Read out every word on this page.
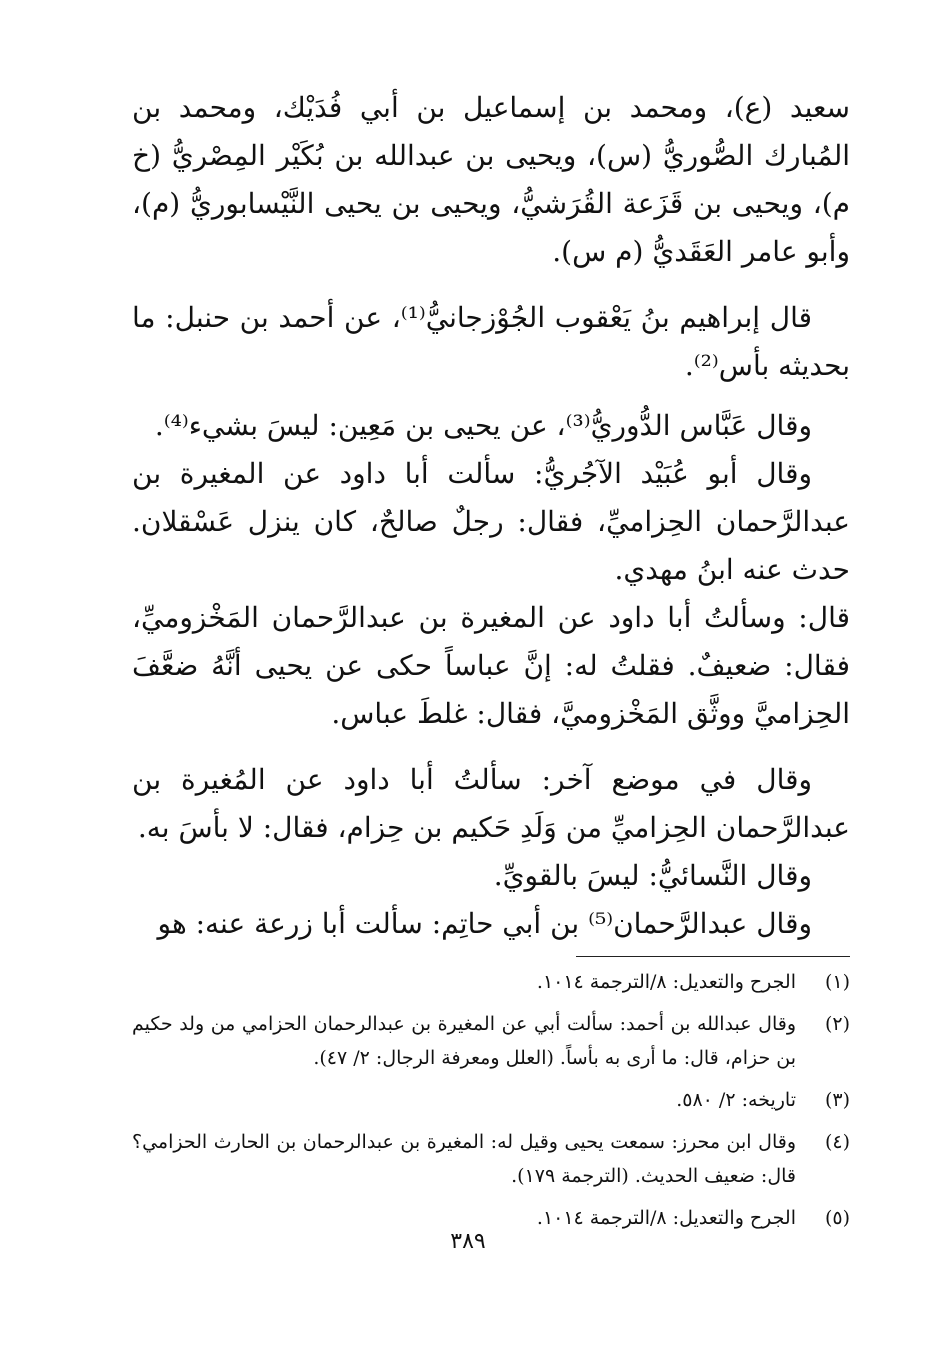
سعيد (ع)، ومحمد بن إسماعيل بن أبي فُدَيْك، ومحمد بن المُبارك الصُّوريُّ (س)، ويحيى بن عبدالله بن بُكَيْر المِصْريُّ (خ م)، ويحيى بن قَزَعة القُرَشيُّ، ويحيى بن يحيى النَّيْسابوريُّ (م)، وأبو عامر العَقَديُّ (م س).

قال إبراهيم بنُ يَعْقوب الجُوْزجانيُّ⁽¹⁾، عن أحمد بن حنبل: ما بحديثه بأس⁽²⁾.

وقال عَبَّاس الدُّوريُّ⁽³⁾، عن يحيى بن مَعِين: ليسَ بشيء⁽⁴⁾.

وقال أبو عُبَيْد الآجُريُّ: سألت أبا داود عن المغيرة بن عبدالرَّحمان الحِزاميِّ، فقال: رجلٌ صالحٌ، كان ينزل عَسْقلان. حدث عنه ابنُ مهدي.

قال: وسألتُ أبا داود عن المغيرة بن عبدالرَّحمان المَخْزوميِّ، فقال: ضعيفٌ. فقلتُ له: إنَّ عباساً حكى عن يحيى أنَّهُ ضعَّفَ الحِزاميَّ ووثَّق المَخْزوميَّ، فقال: غلطَ عباس.

وقال في موضع آخر: سألتُ أبا داود عن المُغيرة بن عبدالرَّحمان الحِزاميِّ من وَلَدِ حَكيم بن حِزام، فقال: لا بأسَ به.

وقال النَّسائيُّ: ليسَ بالقويِّ.

وقال عبدالرَّحمان⁽⁵⁾ بن أبي حاتِم: سألت أبا زرعة عنه: هو

(١)
الجرح والتعديل: ٨/الترجمة ١٠١٤.
(٢)
وقال عبدالله بن أحمد: سألت أبي عن المغيرة بن عبدالرحمان الحزامي من ولد حكيم بن حزام، قال: ما أرى به بأساً. (العلل ومعرفة الرجال: ٢/ ٤٧).
(٣)
تاريخه: ٢/ ٥٨٠.
(٤)
وقال ابن محرز: سمعت يحيى وقيل له: المغيرة بن عبدالرحمان بن الحارث الحزامي؟ قال: ضعيف الحديث. (الترجمة ١٧٩).
(٥)
الجرح والتعديل: ٨/الترجمة ١٠١٤.
٣٨٩
